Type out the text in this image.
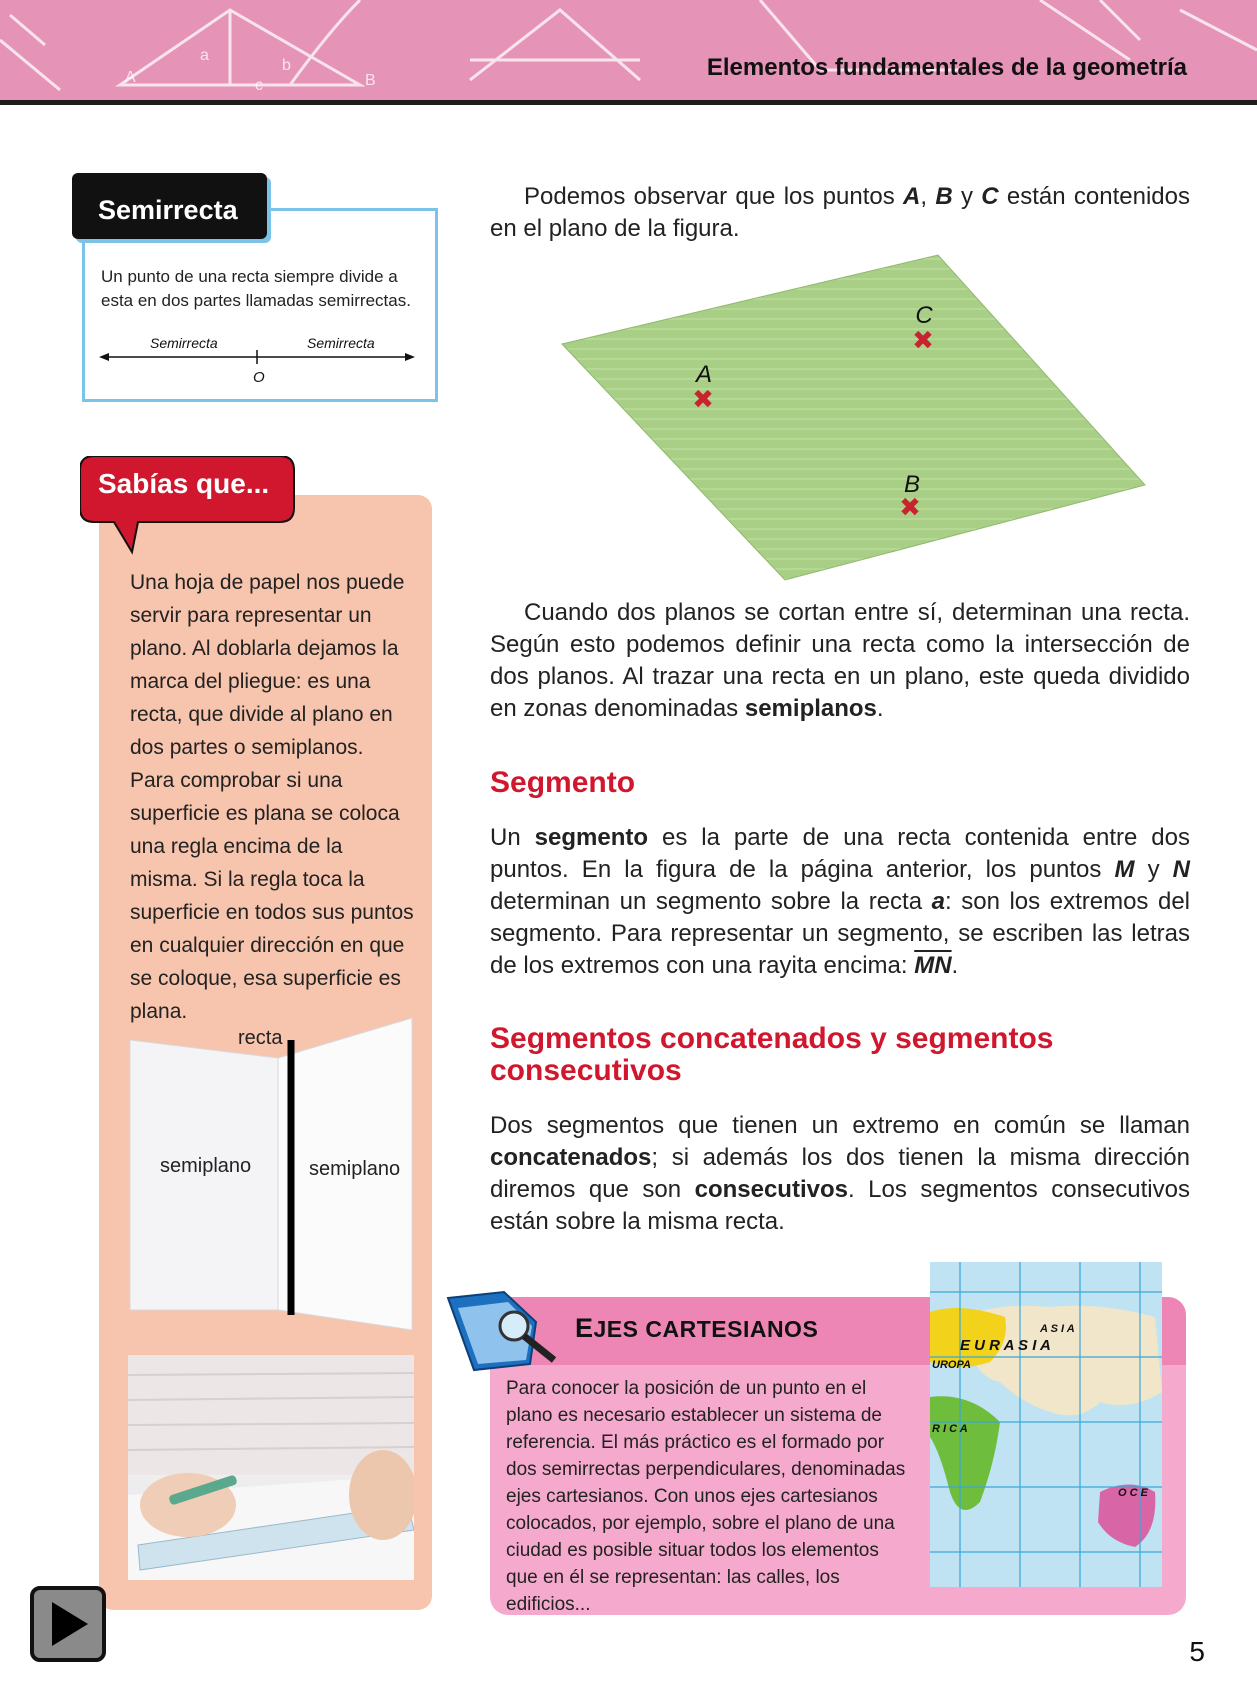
A
a
c
b
B	Elementos fundamentales de la geometría
Semirrecta
Un punto de una recta siempre divide a esta en dos partes llamadas semirrectas.
Semirrecta	Semirrecta
O
Sabías que...
Una hoja de papel nos puede servir para representar un plano. Al doblarla dejamos la marca del pliegue: es una recta, que divide al plano en dos partes o semiplanos.
Para comprobar si una superficie es plana se coloca una regla encima de la misma. Si la regla toca la superficie en todos sus puntos en cualquier dirección en que se coloque, esa superficie es plana.
recta
semiplano	semiplano
Podemos observar que los puntos A, B y C están contenidos en el plano de la figura.
✖
✖
✖
A
C
B
Cuando dos planos se cortan entre sí, determinan una recta. Según esto podemos definir una recta como la intersección de dos planos. Al trazar una recta en un plano, este queda dividido en zonas denominadas semiplanos.
Segmento
Un segmento es la parte de una recta contenida entre dos puntos. En la figura de la página anterior, los puntos M y N determinan un segmento sobre la recta a: son los extremos del segmento. Para representar un segmento, se escriben las letras de los extremos con una rayita encima: $\overline{MN}$.
Segmentos concatenados y segmentos consecutivos
Dos segmentos que tienen un extremo en común se llaman concatenados; si además los dos tienen la misma dirección diremos que son consecutivos. Los segmentos consecutivos están sobre la misma recta.
EJES CARTESIANOS
Para conocer la posición de un punto en el plano es necesario establecer un sistema de referencia. El más práctico es el formado por dos semirrectas perpendiculares, denominadas ejes cartesianos. Con unos ejes cartesianos colocados, por ejemplo, sobre el plano de una ciudad es posible situar todos los elementos que en él se representan: las calles, los edificios...
A S I A
E U R A S I A
UROPA
R I C A
O C E
5
